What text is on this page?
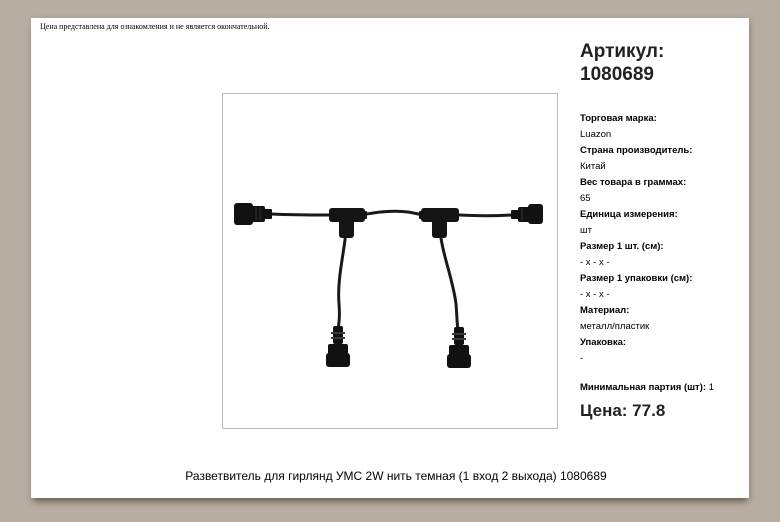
Цена представлена для ознакомления и не является окончательной.
Артикул:
1080689
Торговая марка:
Luazon
Страна производитель:
Китай
Вес товара в граммах:
65
Единица измерения:
шт
Размер 1 шт. (см):
- х - х -
Размер 1 упаковки (см):
- х - х -
Материал:
металл/пластик
Упаковка:
-
Минимальная партия (шт): 1
Цена: 77.8
Разветвитель для гирлянд УМС 2W нить темная (1 вход 2 выхода) 1080689
